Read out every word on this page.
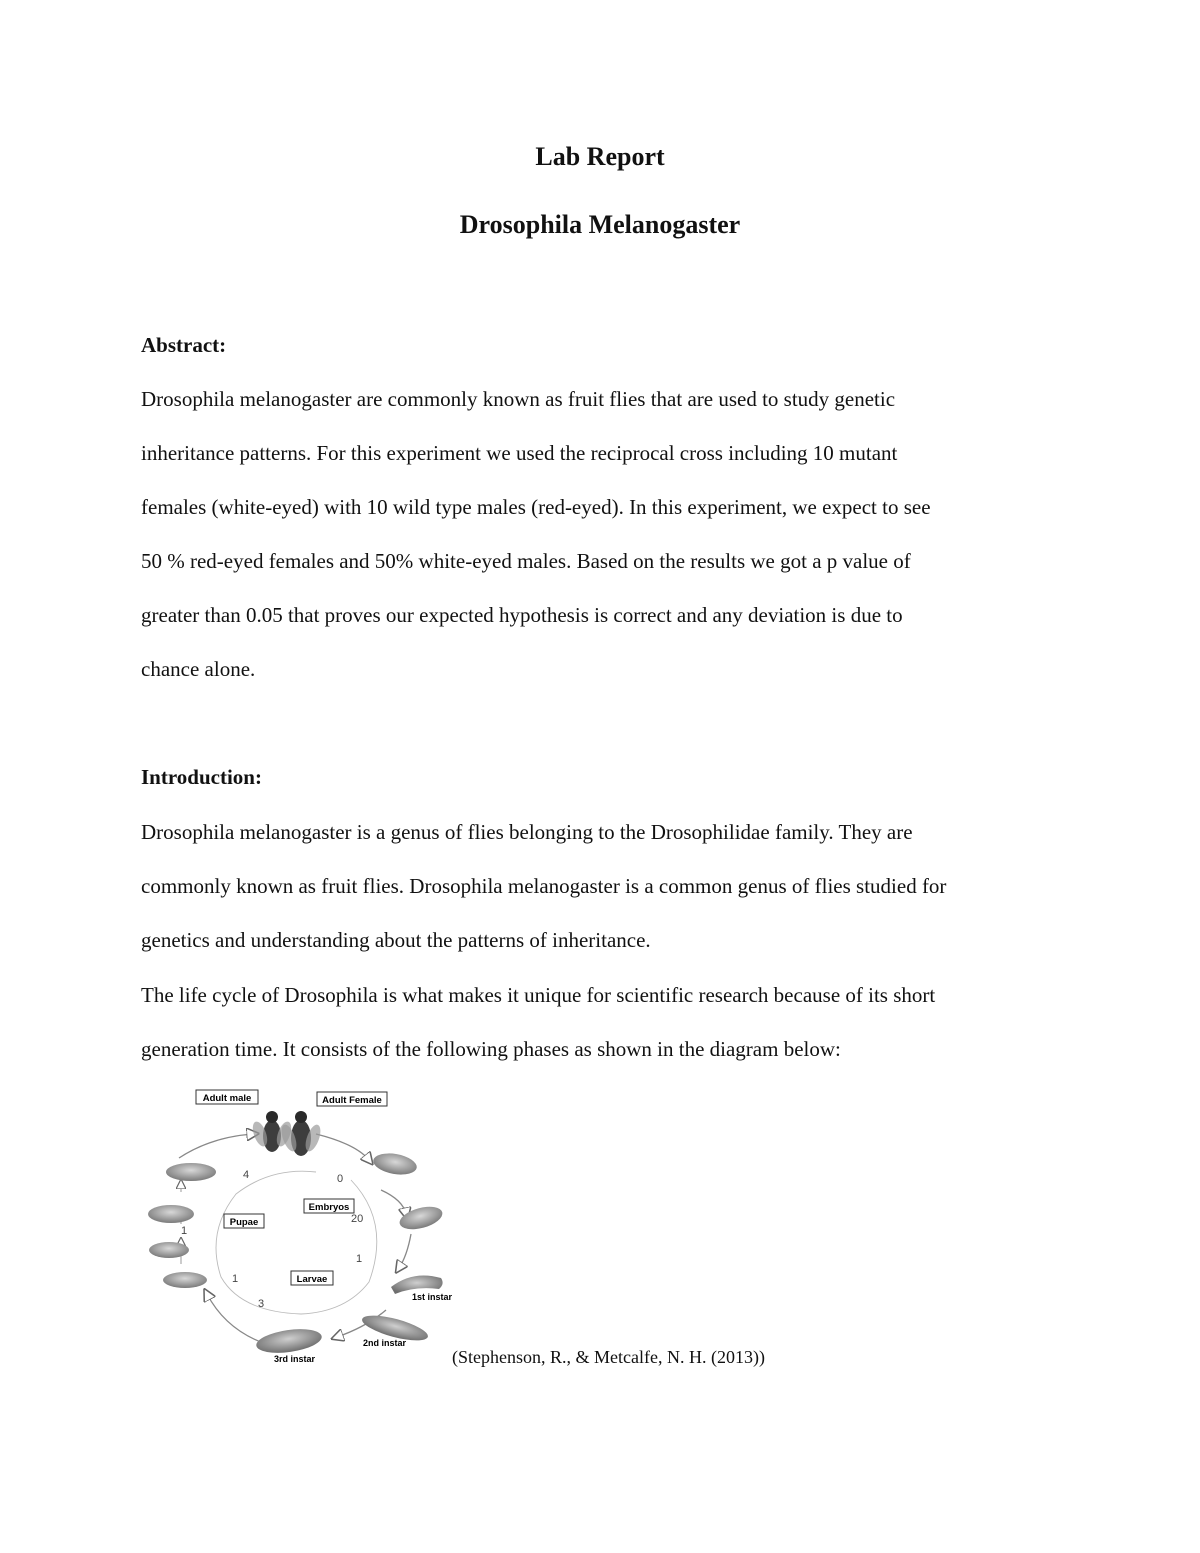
Lab Report
Drosophila Melanogaster
Abstract:
Drosophila melanogaster are commonly known as fruit flies that are used to study genetic
inheritance patterns. For this experiment we used the reciprocal cross including 10 mutant
females (white-eyed) with 10 wild type males (red-eyed). In this experiment, we expect to see
50 % red-eyed females and 50% white-eyed males. Based on the results we got a p value of
greater than 0.05 that proves our expected hypothesis is correct and any deviation is due to
chance alone.
Introduction:
Drosophila melanogaster is a genus of flies belonging to the Drosophilidae family. They are
commonly known as fruit flies. Drosophila melanogaster is a common genus of flies studied for
genetics and understanding about the patterns of inheritance.
The life cycle of Drosophila is what makes it unique for scientific research because of its short
generation time. It consists of the following phases as shown in the diagram below:
Adult male	Adult Female
Embryos
Pupae
Larvae
1st instar
2nd instar
3rd instar
0
20
1
3
1
4
1

(Stephenson, R., & Metcalfe, N. H. (2013))
